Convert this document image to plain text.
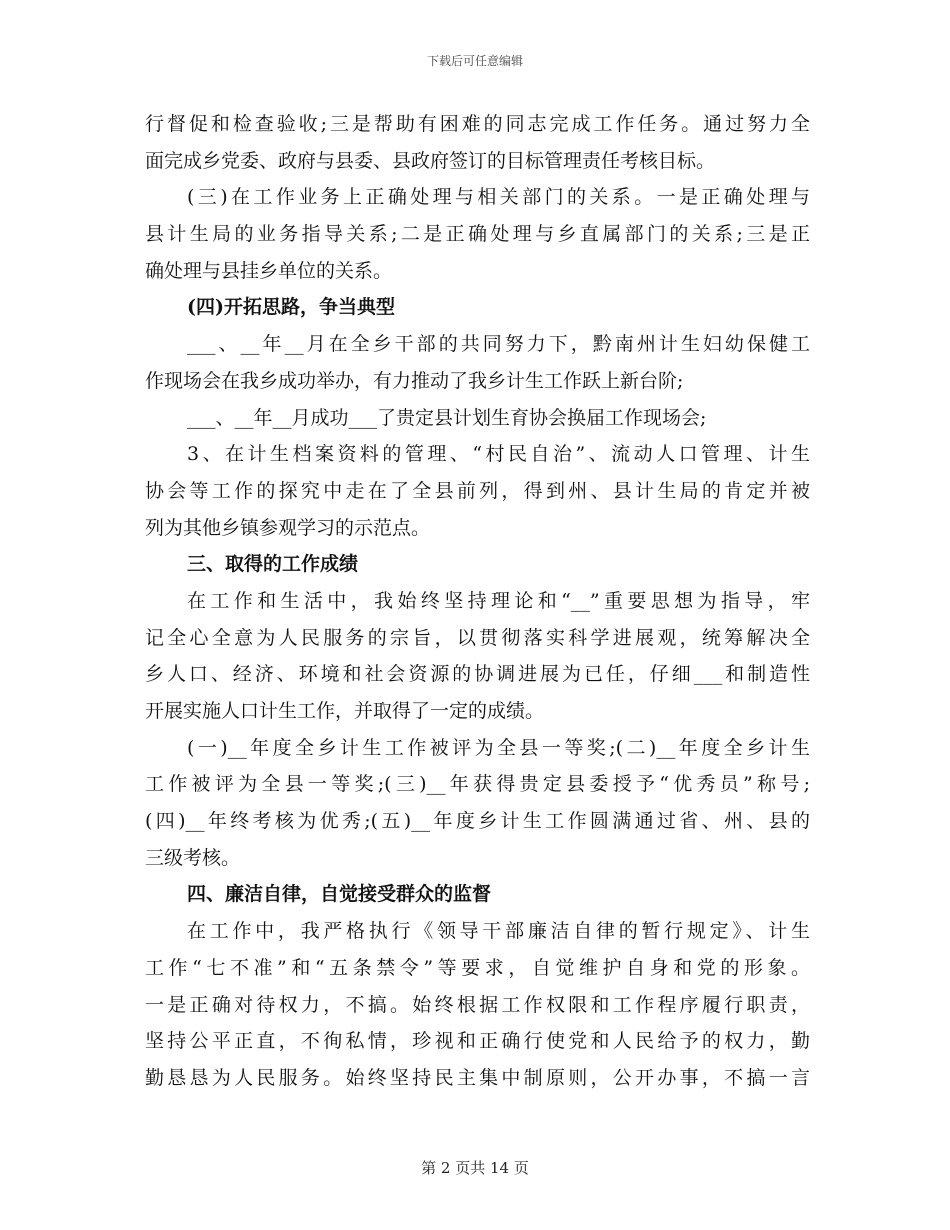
下载后可任意编辑
行督促和检查验收;三是帮助有困难的同志完成工作任务。通过努力全
面完成乡党委、政府与县委、县政府签订的目标管理责任考核目标。
(三)在工作业务上正确处理与相关部门的关系。一是正确处理与
县计生局的业务指导关系;二是正确处理与乡直属部门的关系;三是正
确处理与县挂乡单位的关系。
(四)开拓思路，争当典型
___、__年__月在全乡干部的共同努力下，黔南州计生妇幼保健工
作现场会在我乡成功举办，有力推动了我乡计生工作跃上新台阶;
___、__年__月成功___了贵定县计划生育协会换届工作现场会;
3、在计生档案资料的管理、“村民自治”、流动人口管理、计生
协会等工作的探究中走在了全县前列，得到州、县计生局的肯定并被
列为其他乡镇参观学习的示范点。
三、取得的工作成绩
在工作和生活中，我始终坚持理论和“__”重要思想为指导，牢
记全心全意为人民服务的宗旨，以贯彻落实科学进展观，统筹解决全
乡人口、经济、环境和社会资源的协调进展为已任，仔细___和制造性
开展实施人口计生工作，并取得了一定的成绩。
(一)__年度全乡计生工作被评为全县一等奖;(二)__年度全乡计生
工作被评为全县一等奖;(三)__年获得贵定县委授予“优秀员”称号;
(四)__年终考核为优秀;(五)__年度乡计生工作圆满通过省、州、县的
三级考核。
四、廉洁自律，自觉接受群众的监督
在工作中，我严格执行《领导干部廉洁自律的暂行规定》、计生
工作“七不准”和“五条禁令”等要求，自觉维护自身和党的形象。
一是正确对待权力，不搞。始终根据工作权限和工作程序履行职责，
坚持公平正直，不徇私情，珍视和正确行使党和人民给予的权力，勤
勤恳恳为人民服务。始终坚持民主集中制原则，公开办事，不搞一言
第 2 页共 14 页
